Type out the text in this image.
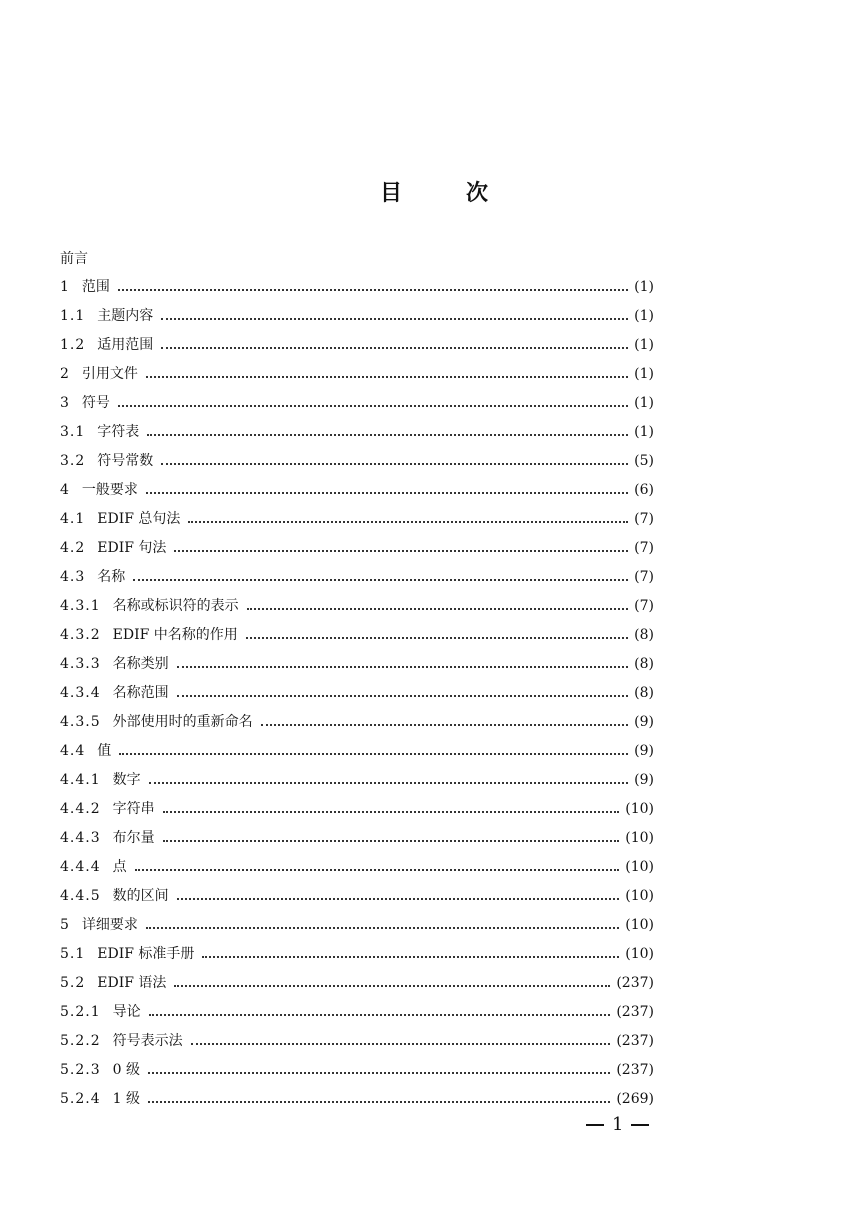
目	次
前言
1 范围	(1)
1.1 主题内容	(1)
1.2 适用范围	(1)
2 引用文件	(1)
3 符号	(1)
3.1 字符表	(1)
3.2 符号常数	(5)
4 一般要求	(6)
4.1 EDIF 总句法	(7)
4.2 EDIF 句法	(7)
4.3 名称	(7)
4.3.1 名称或标识符的表示	(7)
4.3.2 EDIF 中名称的作用	(8)
4.3.3 名称类别	(8)
4.3.4 名称范围	(8)
4.3.5 外部使用时的重新命名	(9)
4.4 值	(9)
4.4.1 数字	(9)
4.4.2 字符串	(10)
4.4.3 布尔量	(10)
4.4.4 点	(10)
4.4.5 数的区间	(10)
5 详细要求	(10)
5.1 EDIF 标准手册	(10)
5.2 EDIF 语法	(237)
5.2.1 导论	(237)
5.2.2 符号表示法	(237)
5.2.3 0 级	(237)
5.2.4 1 级	(269)
1
